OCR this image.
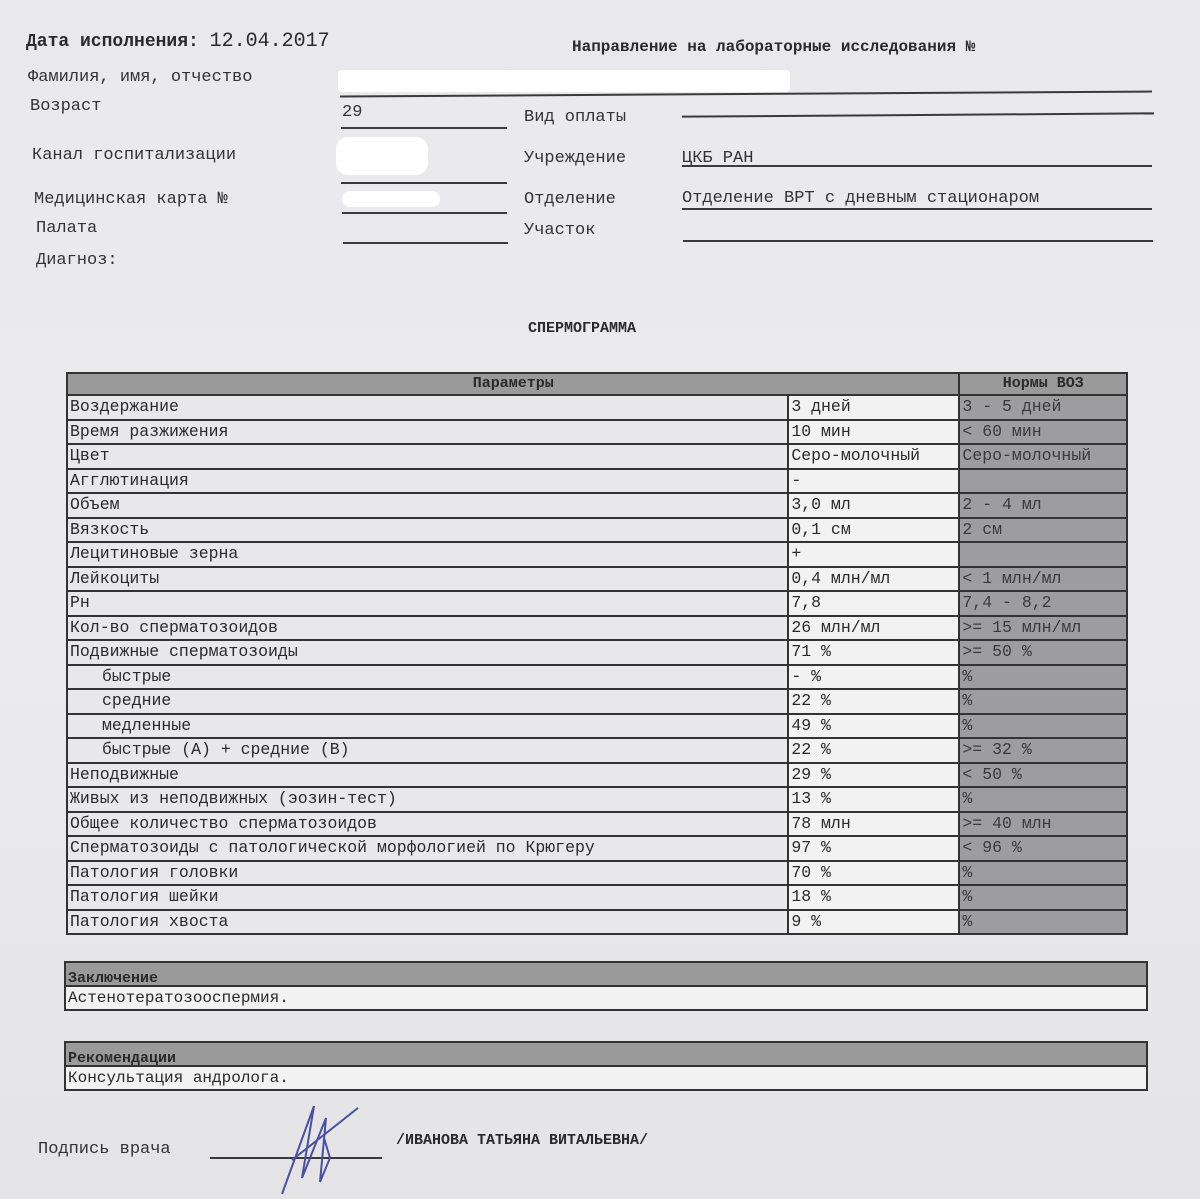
Дата исполнения: 12.04.2017	Направление на лабораторные исследования №
Фамилия, имя, отчество
Возраст	29	Вид оплаты
Канал госпитализации	Учреждение	ЦКБ РАН
Медицинская карта №	Отделение	Отделение ВРТ с дневным стационаром
Палата	Участок
Диагноз:
СПЕРМОГРАММА
Параметры		Нормы ВОЗ
Воздержание	3 дней	3 - 5 дней
Время разжижения	10 мин	< 60 мин
Цвет	Серо-молочный	Серо-молочный
Агглютинация	-	
Объем	3,0 мл	2 - 4 мл
Вязкость	0,1 см	2 см
Лецитиновые зерна	+	
Лейкоциты	0,4 млн/мл	< 1 млн/мл
Рн	7,8	7,4 - 8,2
Кол-во сперматозоидов	26 млн/мл	>= 15 млн/мл
Подвижные сперматозоиды	71 %	>= 50 %
быстрые	- %	%
средние	22 %	%
медленные	49 %	%
быстрые (А) + средние (В)	22 %	>= 32 %
Неподвижные	29 %	< 50 %
Живых из неподвижных (эозин-тест)	13 %	%
Общее количество сперматозоидов	78 млн	>= 40 млн
Сперматозоиды с патологической морфологией по Крюгеру	97 %	< 96 %
Патология головки	70 %	%
Патология шейки	18 %	%
Патология хвоста	9 %	%
Заключение
Астенотератозооспермия.
Рекомендации
Консультация андролога.
Подпись врача	/ИВАНОВА ТАТЬЯНА ВИТАЛЬЕВНА/
